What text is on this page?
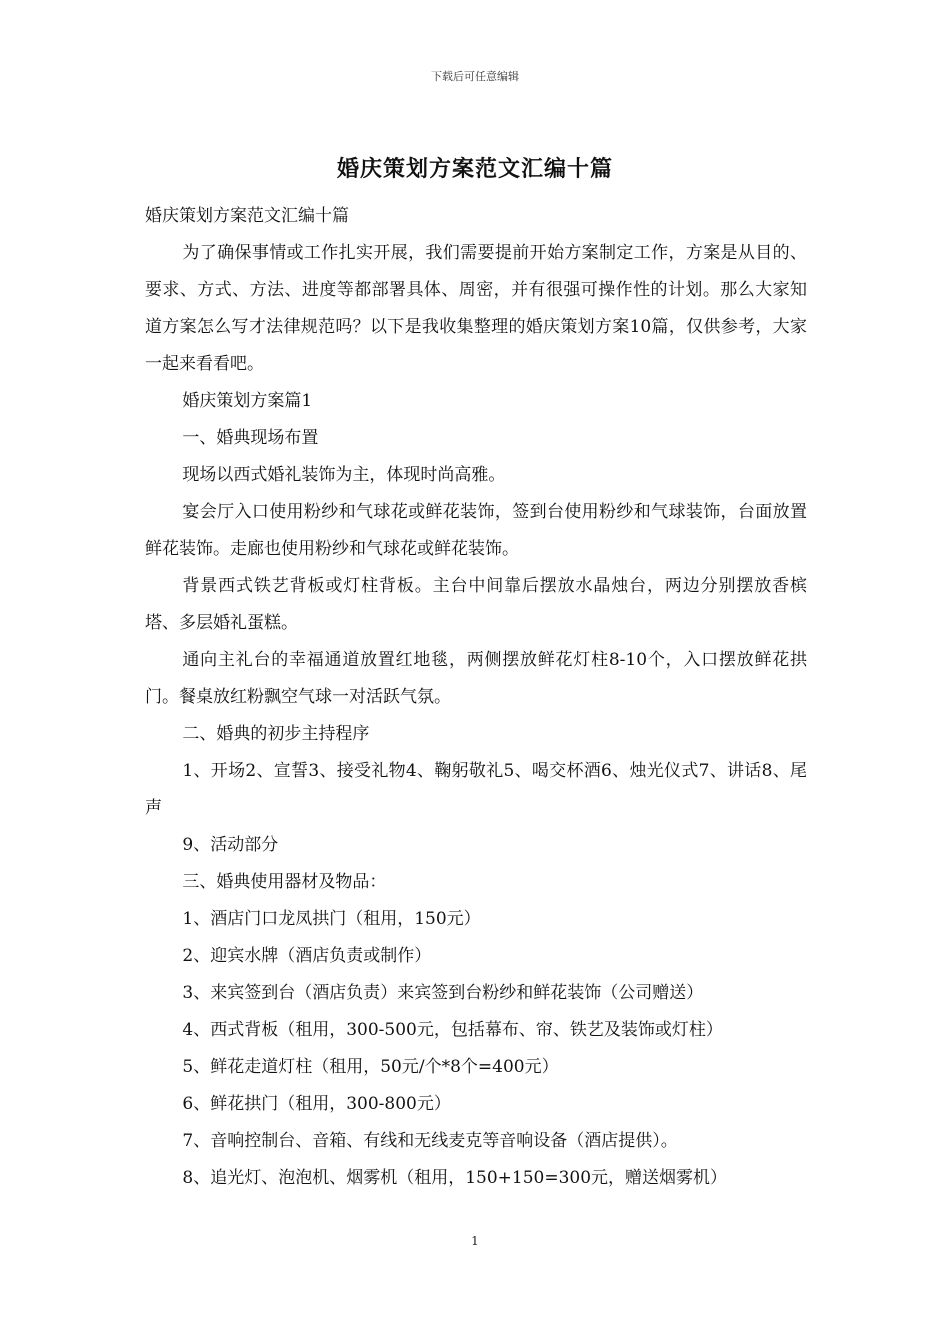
下载后可任意编辑
婚庆策划方案范文汇编十篇

婚庆策划方案范文汇编十篇

为了确保事情或工作扎实开展，我们需要提前开始方案制定工作，方案是从目的、要求、方式、方法、进度等都部署具体、周密，并有很强可操作性的计划。那么大家知道方案怎么写才法律规范吗？以下是我收集整理的婚庆策划方案10篇，仅供参考，大家一起来看看吧。

婚庆策划方案篇1

一、婚典现场布置

现场以西式婚礼装饰为主，体现时尚高雅。

宴会厅入口使用粉纱和气球花或鲜花装饰，签到台使用粉纱和气球装饰，台面放置鲜花装饰。走廊也使用粉纱和气球花或鲜花装饰。

背景西式铁艺背板或灯柱背板。主台中间靠后摆放水晶烛台，两边分别摆放香槟塔、多层婚礼蛋糕。

通向主礼台的幸福通道放置红地毯，两侧摆放鲜花灯柱8-10个，入口摆放鲜花拱门。餐桌放红粉飘空气球一对活跃气氛。

二、婚典的初步主持程序

1、开场2、宣誓3、接受礼物4、鞠躬敬礼5、喝交杯酒6、烛光仪式7、讲话8、尾声

9、活动部分

三、婚典使用器材及物品：

1、酒店门口龙凤拱门（租用，150元）

2、迎宾水牌（酒店负责或制作）

3、来宾签到台（酒店负责）来宾签到台粉纱和鲜花装饰（公司赠送）

4、西式背板（租用，300-500元，包括幕布、帘、铁艺及装饰或灯柱）

5、鲜花走道灯柱（租用，50元/个*8个=400元）

6、鲜花拱门（租用，300-800元）

7、音响控制台、音箱、有线和无线麦克等音响设备（酒店提供）。

8、追光灯、泡泡机、烟雾机（租用，150+150=300元，赠送烟雾机）

1
